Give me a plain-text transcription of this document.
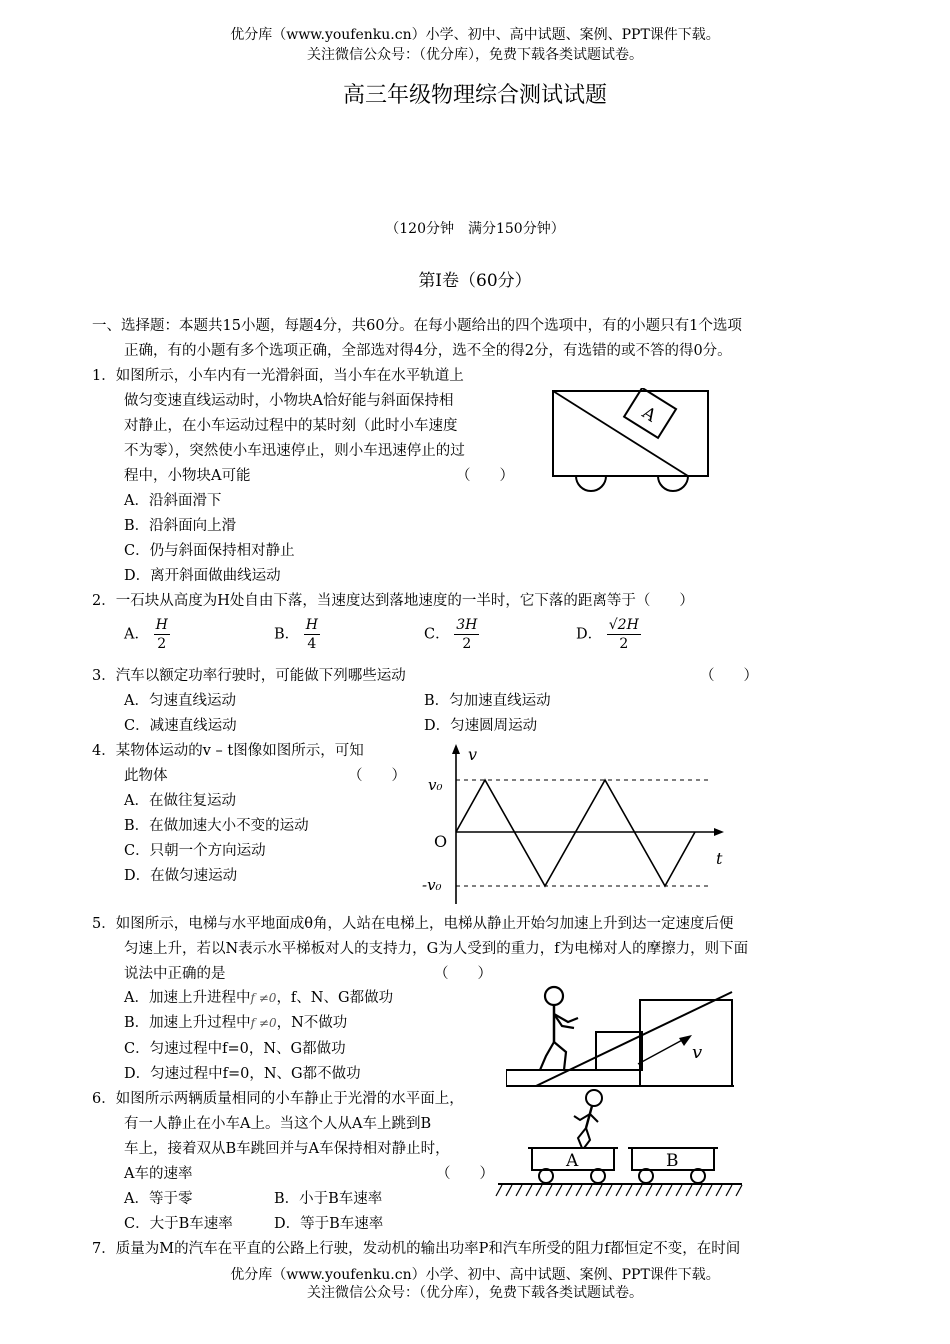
优分库（www.youfenku.cn）小学、初中、高中试题、案例、PPT课件下载。
关注微信公众号：（优分库），免费下载各类试题试卷。
高三年级物理综合测试试题
（120分钟　满分150分钟）
第Ⅰ卷（60分）
一、选择题：本题共15小题，每题4分，共60分。在每小题给出的四个选项中，有的小题只有1个选项
正确，有的小题有多个选项正确，全部选对得4分，选不全的得2分，有选错的或不答的得0分。
1．如图所示，小车内有一光滑斜面，当小车在水平轨道上
做匀变速直线运动时，小物块A恰好能与斜面保持相
对静止，在小车运动过程中的某时刻（此时小车速度
不为零），突然使小车迅速停止，则小车迅速停止的过
程中，小物块A可能	（　　）
A．沿斜面滑下
B．沿斜面向上滑
C．仍与斜面保持相对静止
D．离开斜面做曲线运动
A
2．一石块从高度为H处自由下落，当速度达到落地速度的一半时，它下落的距离等于（　　）
A． $\frac{H}{2}$	B． $\frac{H}{4}$	C． $\frac{3H}{2}$	D． $\frac{√2H}{2}$
3．汽车以额定功率行驶时，可能做下列哪些运动	（　　）
A．匀速直线运动	B．匀加速直线运动
C．减速直线运动	D．匀速圆周运动
4．某物体运动的v – t图像如图所示，可知
此物体	（　　）
A．在做往复运动
B．在做加速大小不变的运动
C．只朝一个方向运动
D．在做匀速运动
v
t
v₀
O
-v₀
5．如图所示，电梯与水平地面成θ角，人站在电梯上，电梯从静止开始匀加速上升到达一定速度后便
匀速上升，若以N表示水平梯板对人的支持力，G为人受到的重力，f为电梯对人的摩擦力，则下面
说法中正确的是	（　　）
A．加速上升进程中f ≠0，f、N、G都做功
B．加速上升过程中f ≠0，N不做功
C．匀速过程中f=0，N、G都做功
D．匀速过程中f=0，N、G都不做功
v
6．如图所示两辆质量相同的小车静止于光滑的水平面上，
有一人静止在小车A上。当这个人从A车上跳到B
车上，接着双从B车跳回并与A车保持相对静止时，
A车的速率	（　　）
A．等于零	B．小于B车速率
C．大于B车速率	D．等于B车速率
A	B
7．质量为M的汽车在平直的公路上行驶，发动机的输出功率P和汽车所受的阻力f都恒定不变，在时间
优分库（www.youfenku.cn）小学、初中、高中试题、案例、PPT课件下载。
关注微信公众号：（优分库），免费下载各类试题试卷。
